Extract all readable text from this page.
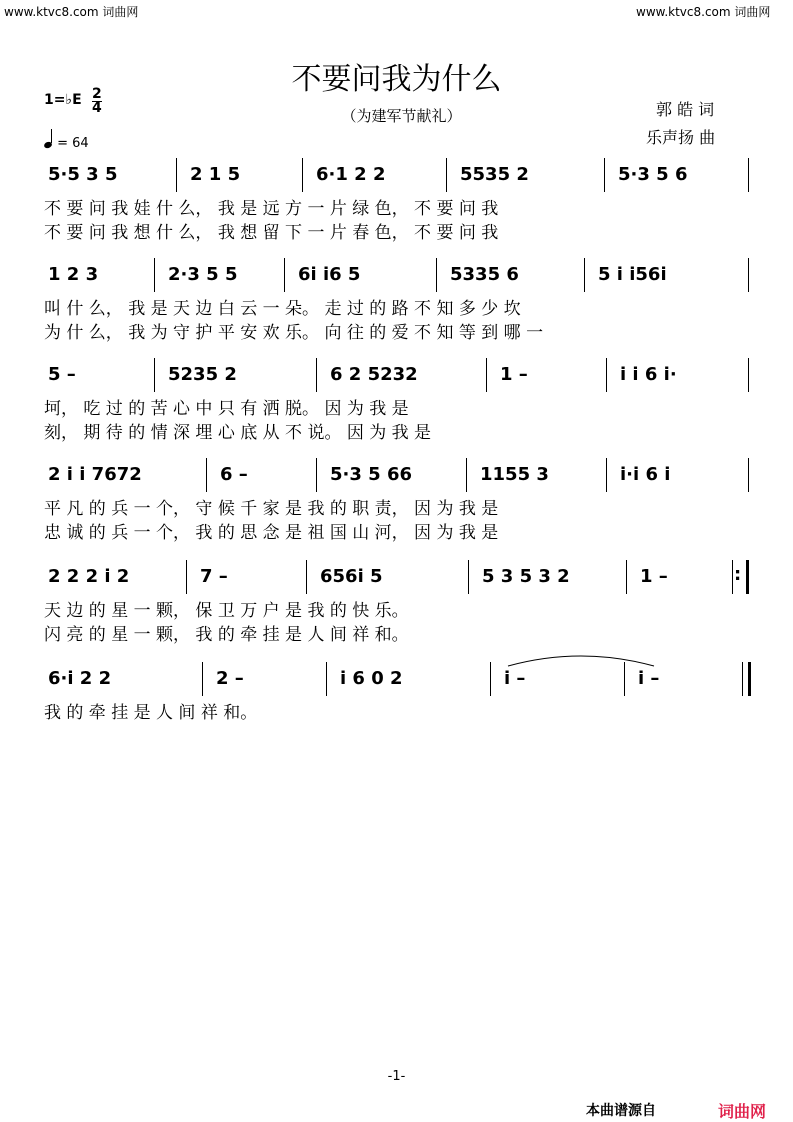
www.ktvc8.com 词曲网	www.ktvc8.com 词曲网
不要问我为什么
（为建军节献礼）	郭 皓 词
乐声扬 曲
1=♭E $\frac{2}{4}$
= 64
5·5 3 5	2 1 5	6·1 2 2	5535 2	5·3 5 6
不 要 问 我 娃 什 么， 我 是 远 方 一 片 绿 色， 不 要 问 我
不 要 问 我 想 什 么， 我 想 留 下 一 片 春 色， 不 要 问 我
1 2 3	2·3 5 5	6i i6 5	5335 6	5 i i56i
叫 什 么， 我 是 天 边 白 云 一 朵。 走 过 的 路 不 知 多 少 坎
为 什 么， 我 为 守 护 平 安 欢 乐。 向 往 的 爱 不 知 等 到 哪 一
5 –	5235 2	6 2 5232	1 –	i i 6 i·
坷， 吃 过 的 苦 心 中 只 有 洒 脱。 因 为 我 是
刻， 期 待 的 情 深 埋 心 底 从 不 说。 因 为 我 是
2 i i 7672	6 –	5·3 5 66	1155 3	i·i 6 i
平 凡 的 兵 一 个， 守 候 千 家 是 我 的 职 责， 因 为 我 是
忠 诚 的 兵 一 个， 我 的 思 念 是 祖 国 山 河， 因 为 我 是
2 2 2 i 2	7 –	656i 5	5 3 5 3 2	1 –	:
天 边 的 星 一 颗， 保 卫 万 户 是 我 的 快 乐。
闪 亮 的 星 一 颗， 我 的 牵 挂 是 人 间 祥 和。
6·i 2 2	2 –	i 6 0 2	i –	i –
我 的 牵 挂 是 人 间 祥 和。
-1-
本曲谱源自	词曲网
